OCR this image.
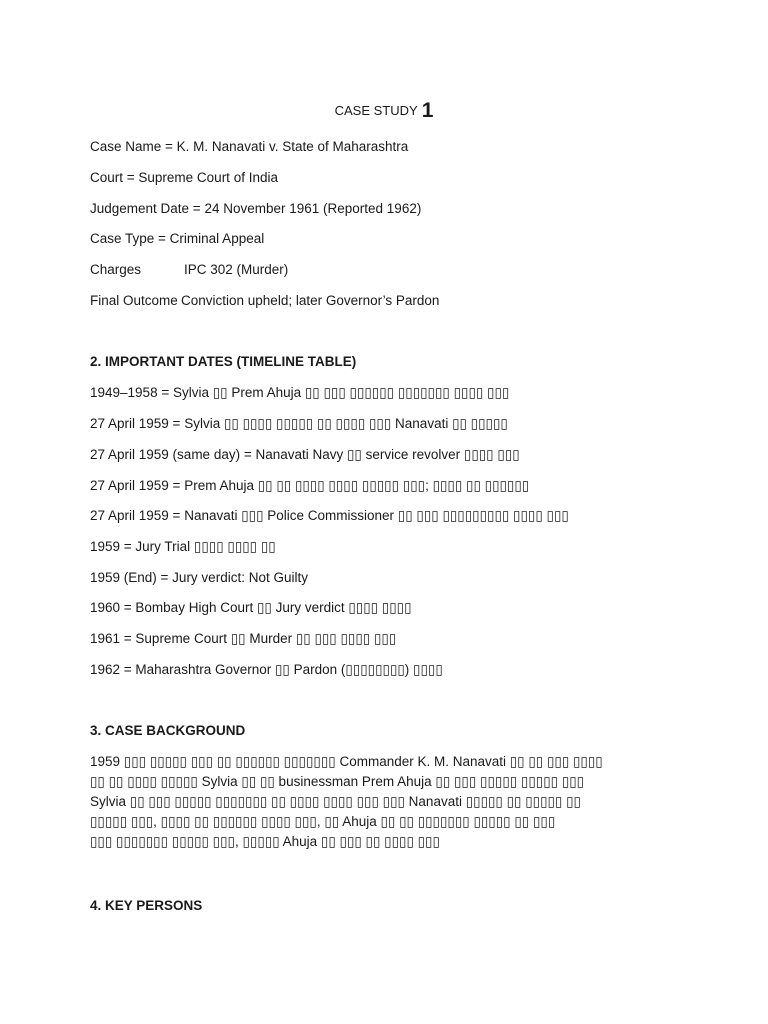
CASE STUDY 1
Case Name = K. M. Nanavati v. State of Maharashtra
Court = Supreme Court of India
Judgement Date = 24 November 1961 (Reported 1962)
Case Type = Criminal Appeal
Charges	IPC 302 (Murder)
Final Outcome Conviction upheld; later Governor’s Pardon
2. IMPORTANT DATES (TIMELINE TABLE)
1949–1958 = Sylvia ▯▯ Prem Ahuja ▯▯ ▯▯▯ ▯▯▯▯▯▯ ▯▯▯▯▯▯▯ ▯▯▯▯ ▯▯▯
27 April 1959 = Sylvia ▯▯ ▯▯▯▯ ▯▯▯▯▯ ▯▯ ▯▯▯▯ ▯▯▯ Nanavati ▯▯ ▯▯▯▯▯
27 April 1959 (same day) = Nanavati Navy ▯▯ service revolver ▯▯▯▯ ▯▯▯
27 April 1959 = Prem Ahuja ▯▯ ▯▯ ▯▯▯▯ ▯▯▯▯ ▯▯▯▯▯ ▯▯▯; ▯▯▯▯ ▯▯ ▯▯▯▯▯▯
27 April 1959 = Nanavati ▯▯▯ Police Commissioner ▯▯ ▯▯▯ ▯▯▯▯▯▯▯▯▯ ▯▯▯▯ ▯▯▯
1959 = Jury Trial ▯▯▯▯ ▯▯▯▯ ▯▯
1959 (End) = Jury verdict: Not Guilty
1960 = Bombay High Court ▯▯ Jury verdict ▯▯▯▯ ▯▯▯▯
1961 = Supreme Court ▯▯ Murder ▯▯ ▯▯▯ ▯▯▯▯ ▯▯▯
1962 = Maharashtra Governor ▯▯ Pardon (▯▯▯▯▯▯▯▯) ▯▯▯▯
3. CASE BACKGROUND
1959 ▯▯▯ ▯▯▯▯▯ ▯▯▯ ▯▯ ▯▯▯▯▯▯ ▯▯▯▯▯▯▯ Commander K. M. Nanavati ▯▯ ▯▯ ▯▯▯ ▯▯▯▯
▯▯ ▯▯ ▯▯▯▯ ▯▯▯▯▯ Sylvia ▯▯ ▯▯ businessman Prem Ahuja ▯▯ ▯▯▯ ▯▯▯▯▯ ▯▯▯▯▯ ▯▯▯
Sylvia ▯▯ ▯▯▯ ▯▯▯▯▯ ▯▯▯▯▯▯▯ ▯▯ ▯▯▯▯ ▯▯▯▯ ▯▯▯ ▯▯▯ Nanavati ▯▯▯▯▯ ▯▯ ▯▯▯▯▯ ▯▯
▯▯▯▯▯ ▯▯▯, ▯▯▯▯ ▯▯ ▯▯▯▯▯▯ ▯▯▯▯ ▯▯▯, ▯▯ Ahuja ▯▯ ▯▯ ▯▯▯▯▯▯▯ ▯▯▯▯▯ ▯▯ ▯▯▯
▯▯▯ ▯▯▯▯▯▯▯ ▯▯▯▯▯ ▯▯▯, ▯▯▯▯▯ Ahuja ▯▯ ▯▯▯ ▯▯ ▯▯▯▯ ▯▯▯
4. KEY PERSONS
